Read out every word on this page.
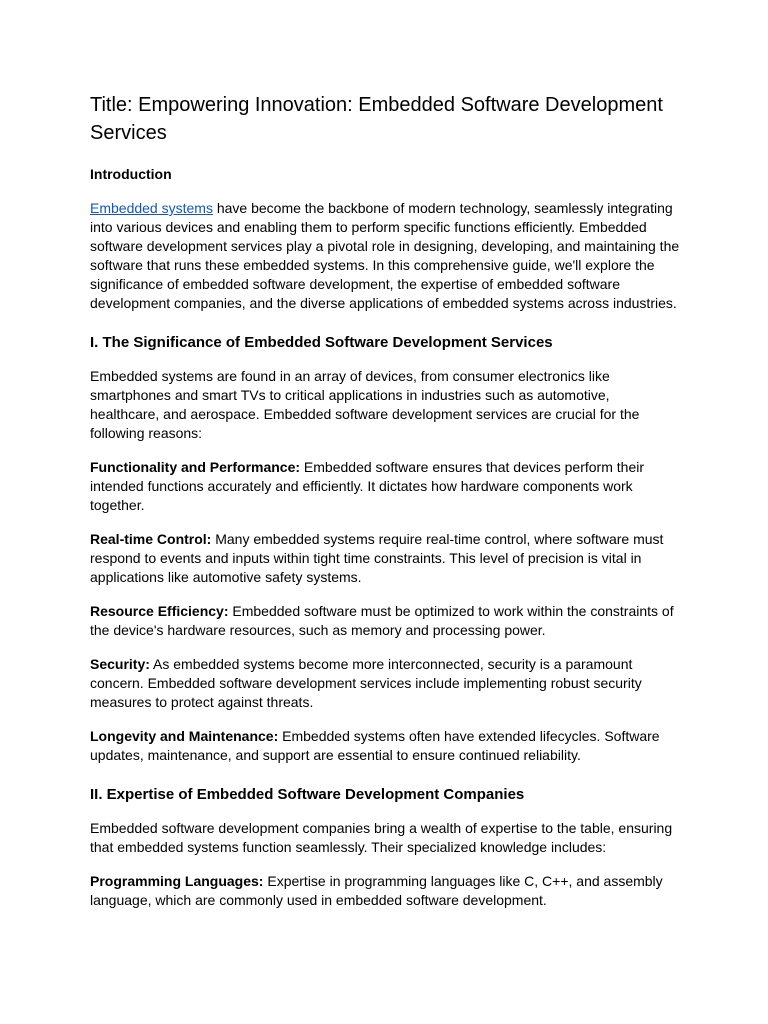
Title: Empowering Innovation: Embedded Software Development Services
Introduction

Embedded systems have become the backbone of modern technology, seamlessly integrating into various devices and enabling them to perform specific functions efficiently. Embedded software development services play a pivotal role in designing, developing, and maintaining the software that runs these embedded systems. In this comprehensive guide, we'll explore the significance of embedded software development, the expertise of embedded software development companies, and the diverse applications of embedded systems across industries.

I. The Significance of Embedded Software Development Services

Embedded systems are found in an array of devices, from consumer electronics like smartphones and smart TVs to critical applications in industries such as automotive, healthcare, and aerospace. Embedded software development services are crucial for the following reasons:

Functionality and Performance: Embedded software ensures that devices perform their intended functions accurately and efficiently. It dictates how hardware components work together.

Real-time Control: Many embedded systems require real-time control, where software must respond to events and inputs within tight time constraints. This level of precision is vital in applications like automotive safety systems.

Resource Efficiency: Embedded software must be optimized to work within the constraints of the device's hardware resources, such as memory and processing power.

Security: As embedded systems become more interconnected, security is a paramount concern. Embedded software development services include implementing robust security measures to protect against threats.

Longevity and Maintenance: Embedded systems often have extended lifecycles. Software updates, maintenance, and support are essential to ensure continued reliability.

II. Expertise of Embedded Software Development Companies

Embedded software development companies bring a wealth of expertise to the table, ensuring that embedded systems function seamlessly. Their specialized knowledge includes:

Programming Languages: Expertise in programming languages like C, C++, and assembly language, which are commonly used in embedded software development.
